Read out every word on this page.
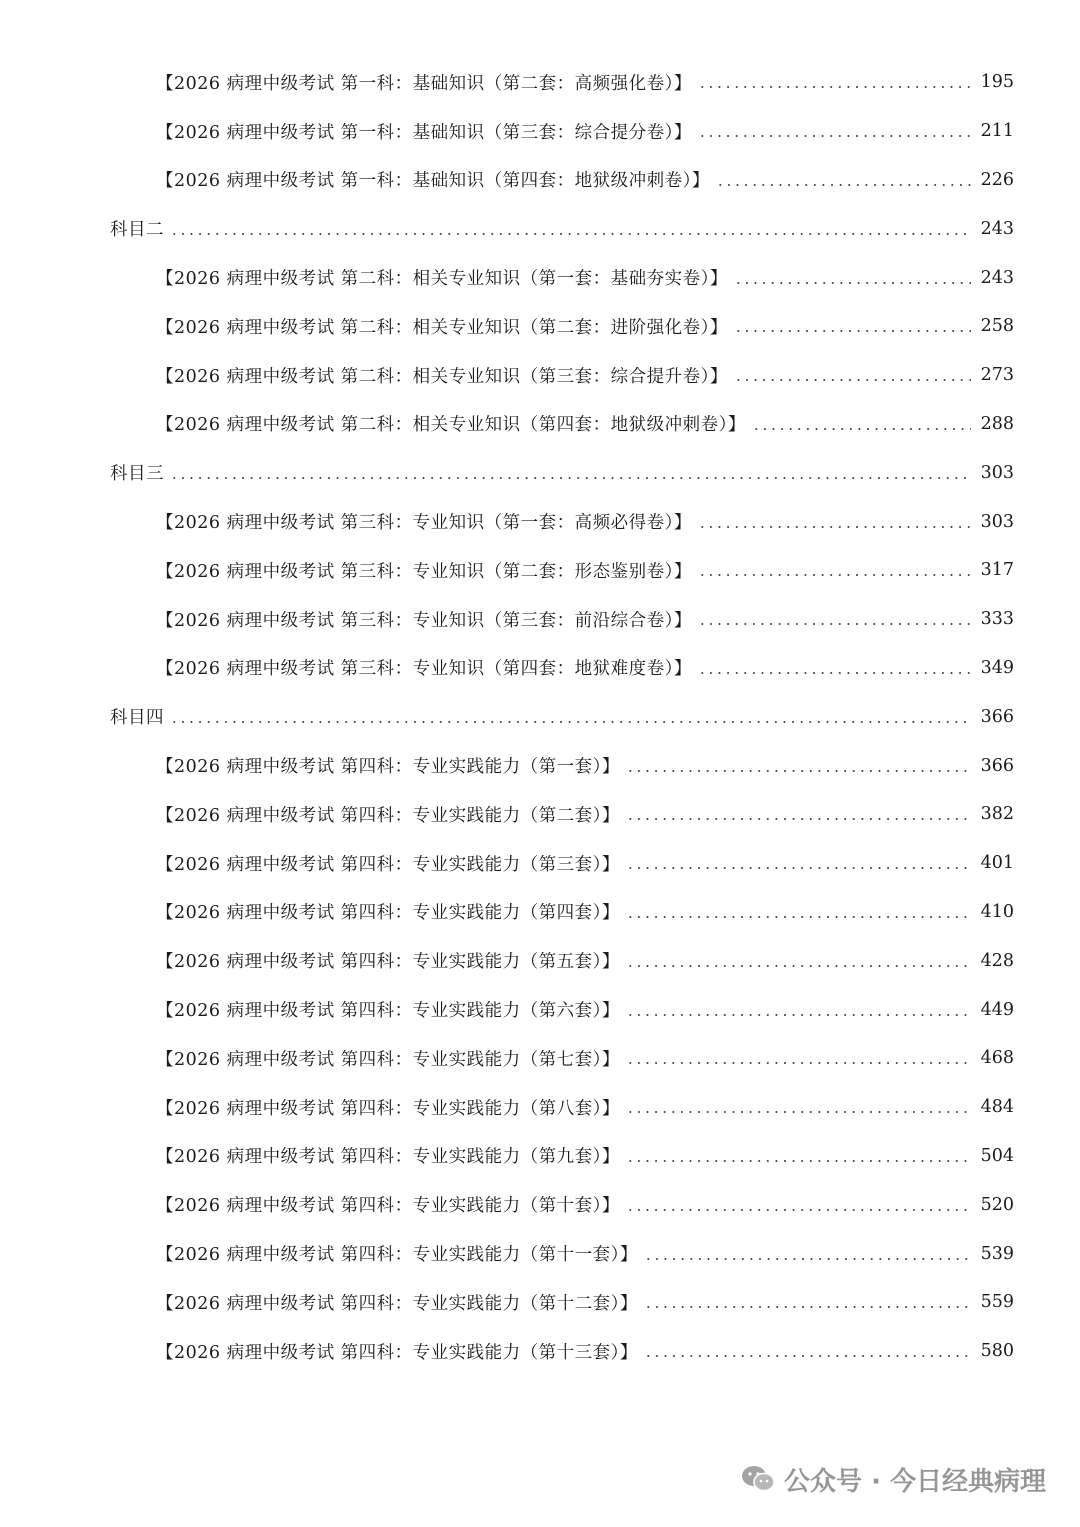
【2026 病理中级考试 第一科：基础知识（第二套：高频强化卷）】	195
【2026 病理中级考试 第一科：基础知识（第三套：综合提分卷）】	211
【2026 病理中级考试 第一科：基础知识（第四套：地狱级冲刺卷）】	226
科目二	243
【2026 病理中级考试 第二科：相关专业知识（第一套：基础夯实卷）】	243
【2026 病理中级考试 第二科：相关专业知识（第二套：进阶强化卷）】	258
【2026 病理中级考试 第二科：相关专业知识（第三套：综合提升卷）】	273
【2026 病理中级考试 第二科：相关专业知识（第四套：地狱级冲刺卷）】	288
科目三	303
【2026 病理中级考试 第三科：专业知识（第一套：高频必得卷）】	303
【2026 病理中级考试 第三科：专业知识（第二套：形态鉴别卷）】	317
【2026 病理中级考试 第三科：专业知识（第三套：前沿综合卷）】	333
【2026 病理中级考试 第三科：专业知识（第四套：地狱难度卷）】	349
科目四	366
【2026 病理中级考试 第四科：专业实践能力（第一套）】	366
【2026 病理中级考试 第四科：专业实践能力（第二套）】	382
【2026 病理中级考试 第四科：专业实践能力（第三套）】	401
【2026 病理中级考试 第四科：专业实践能力（第四套）】	410
【2026 病理中级考试 第四科：专业实践能力（第五套）】	428
【2026 病理中级考试 第四科：专业实践能力（第六套）】	449
【2026 病理中级考试 第四科：专业实践能力（第七套）】	468
【2026 病理中级考试 第四科：专业实践能力（第八套）】	484
【2026 病理中级考试 第四科：专业实践能力（第九套）】	504
【2026 病理中级考试 第四科：专业实践能力（第十套）】	520
【2026 病理中级考试 第四科：专业实践能力（第十一套）】	539
【2026 病理中级考试 第四科：专业实践能力（第十二套）】	559
【2026 病理中级考试 第四科：专业实践能力（第十三套）】	580
公众号 · 今日经典病理
